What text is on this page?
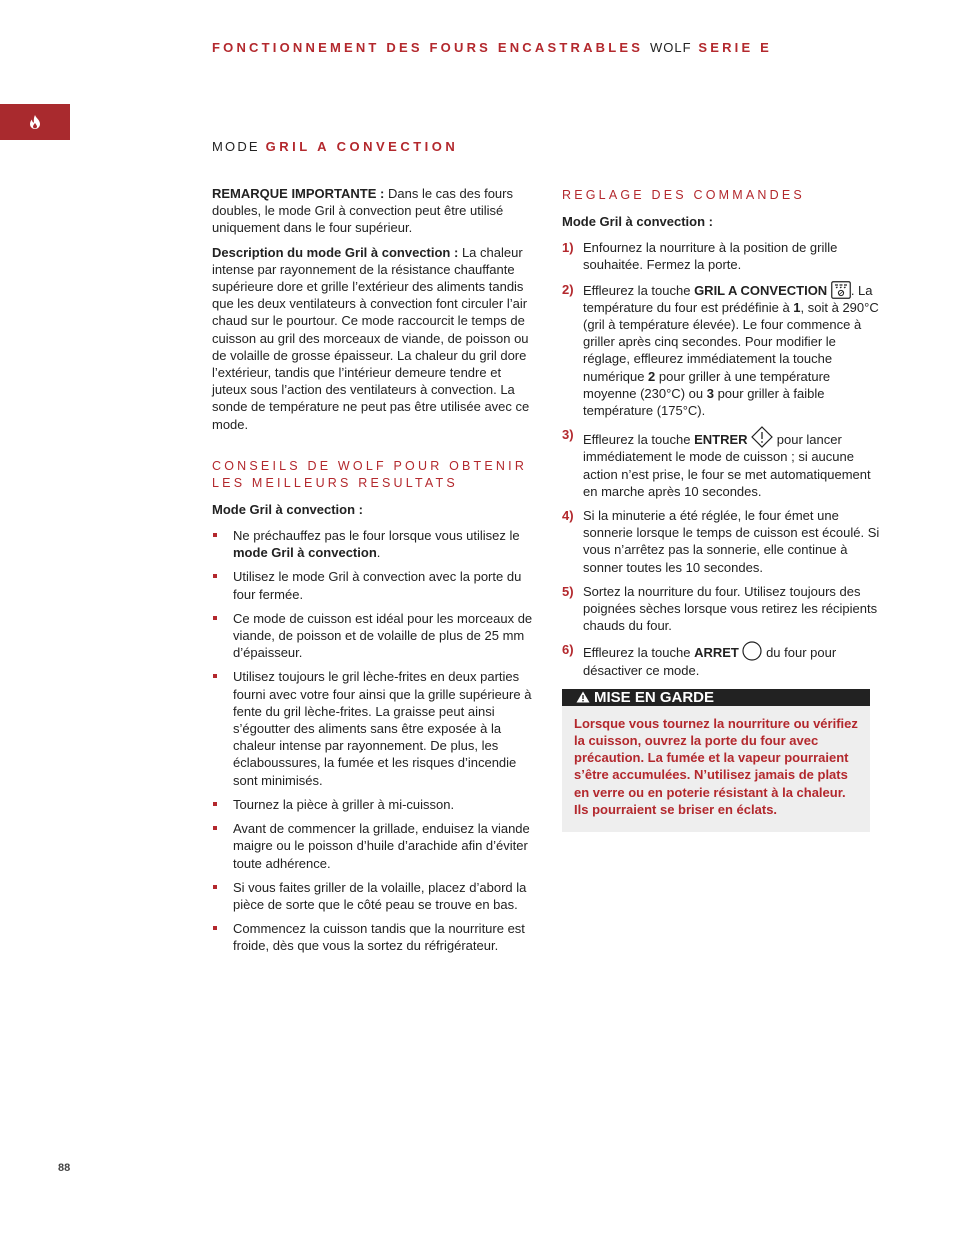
FONCTIONNEMENT DES FOURS ENCASTRABLES WOLF SERIE E
MODE GRIL A CONVECTION

REMARQUE IMPORTANTE : Dans le cas des fours doubles, le mode Gril à convection peut être utilisé uniquement dans le four supérieur.

Description du mode Gril à convection : La chaleur intense par rayonnement de la résistance chauffante supérieure dore et grille l’extérieur des aliments tandis que les deux ventilateurs à convection font circuler l’air chaud sur le pourtour. Ce mode raccourcit le temps de cuisson au gril des morceaux de viande, de poisson ou de volaille de grosse épaisseur. La chaleur du gril dore l’extérieur, tandis que l’intérieur demeure tendre et juteux sous l’action des ventilateurs à convection. La sonde de température ne peut pas être utilisée avec ce mode.

CONSEILS DE WOLF POUR OBTENIR
LES MEILLEURS RESULTATS
Mode Gril à convection :
Ne préchauffez pas le four lorsque vous utilisez le mode Gril à convection.
Utilisez le mode Gril à convection avec la porte du four fermée.
Ce mode de cuisson est idéal pour les morceaux de viande, de poisson et de volaille de plus de 25 mm d’épaisseur.
Utilisez toujours le gril lèche-frites en deux parties fourni avec votre four ainsi que la grille supérieure à fente du gril lèche-frites. La graisse peut ainsi s’égoutter des aliments sans être exposée à la chaleur intense par rayonnement. De plus, les éclaboussures, la fumée et les risques d’incendie sont minimisés.
Tournez la pièce à griller à mi-cuisson.
Avant de commencer la grillade, enduisez la viande maigre ou le poisson d’huile d’arachide afin d’éviter toute adhérence.
Si vous faites griller de la volaille, placez d’abord la pièce de sorte que le côté peau se trouve en bas.
Commencez la cuisson tandis que la nourriture est froide, dès que vous la sortez du réfrigérateur.
REGLAGE DES COMMANDES
Mode Gril à convection :
1) Enfournez la nourriture à la position de grille souhaitée. Fermez la porte.
2) Effleurez la touche GRIL A CONVECTION . La température du four est prédéfinie à 1, soit à 290°C (gril à température élevée). Le four commence à griller après cinq secondes. Pour modifier le réglage, effleurez immédiatement la touche numérique 2 pour griller à une température moyenne (230°C) ou 3 pour griller à faible température (175°C).
3) Effleurez la touche ENTRER  pour lancer immédiatement le mode de cuisson ; si aucune action n’est prise, le four se met automatiquement en marche après 10 secondes.
4) Si la minuterie a été réglée, le four émet une sonnerie lorsque le temps de cuisson est écoulé. Si vous n’arrêtez pas la sonnerie, elle continue à sonner toutes les 10 secondes.
5) Sortez la nourriture du four. Utilisez toujours des poignées sèches lorsque vous retirez les récipients chauds du four.
6) Effleurez la touche ARRET  du four pour désactiver ce mode.
MISE EN GARDE
Lorsque vous tournez la nourriture ou vérifiez la cuisson, ouvrez la porte du four avec précaution. La fumée et la vapeur pourraient s’être accumulées. N’utilisez jamais de plats en verre ou en poterie résistant à la chaleur. Ils pourraient se briser en éclats.
88
